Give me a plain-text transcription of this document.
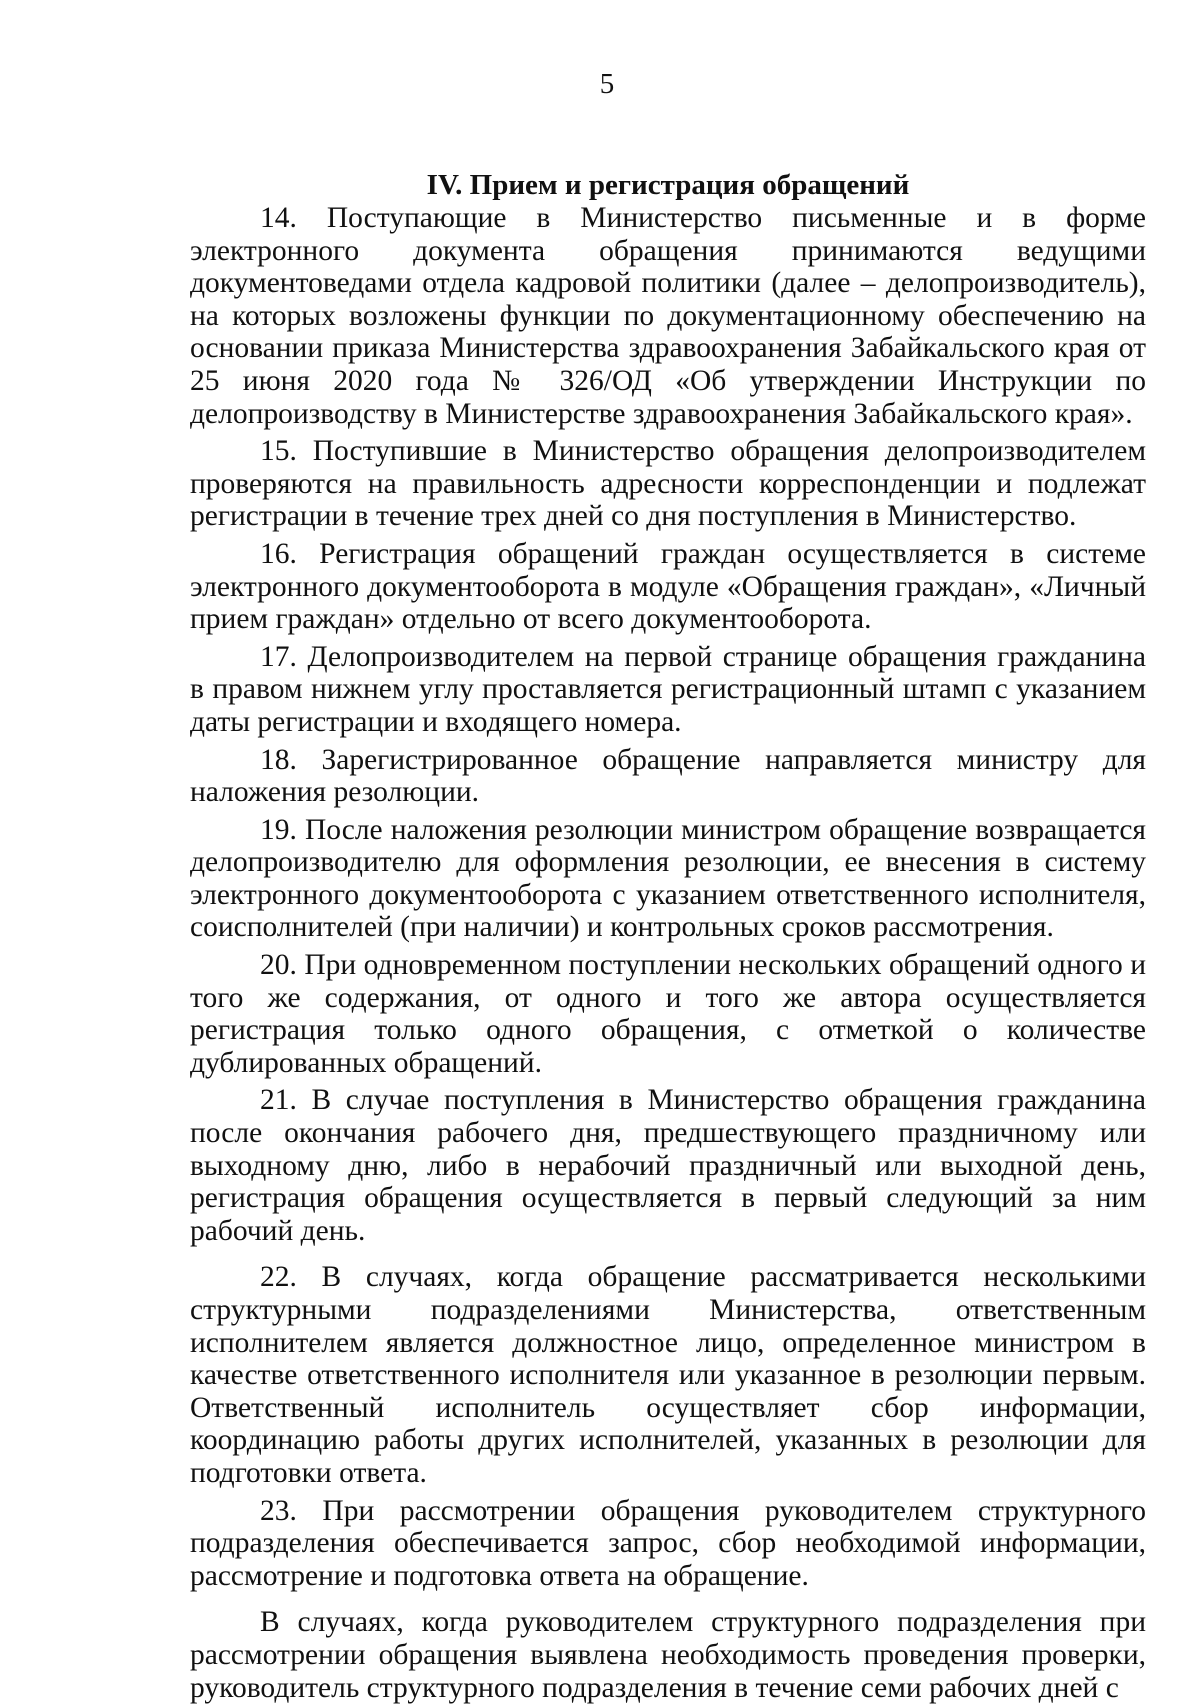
5
IV. Прием и регистрация обращений

14. Поступающие в Министерство письменные и в форме электронного документа обращения принимаются ведущими документоведами отдела кадровой политики (далее – делопроизводитель), на которых возложены функции по документационному обеспечению на основании приказа Министерства здравоохранения Забайкальского края от 25 июня 2020 года № 326/ОД «Об утверждении Инструкции по делопроизводству в Министерстве здравоохранения Забайкальского края».

15. Поступившие в Министерство обращения делопроизводителем проверяются на правильность адресности корреспонденции и подлежат регистрации в течение трех дней со дня поступления в Министерство.

16. Регистрация обращений граждан осуществляется в системе электронного документооборота в модуле «Обращения граждан», «Личный прием граждан» отдельно от всего документооборота.

17. Делопроизводителем на первой странице обращения гражданина в правом нижнем углу проставляется регистрационный штамп с указанием даты регистрации и входящего номера.

18. Зарегистрированное обращение направляется министру для наложения резолюции.

19. После наложения резолюции министром обращение возвращается делопроизводителю для оформления резолюции, ее внесения в систему электронного документооборота с указанием ответственного исполнителя, соисполнителей (при наличии) и контрольных сроков рассмотрения.

20. При одновременном поступлении нескольких обращений одного и того же содержания, от одного и того же автора осуществляется регистрация только одного обращения, с отметкой о количестве дублированных обращений.

21. В случае поступления в Министерство обращения гражданина после окончания рабочего дня, предшествующего праздничному или выходному дню, либо в нерабочий праздничный или выходной день, регистрация обращения осуществляется в первый следующий за ним рабочий день.

22. В случаях, когда обращение рассматривается несколькими структурными подразделениями Министерства, ответственным исполнителем является должностное лицо, определенное министром в качестве ответственного исполнителя или указанное в резолюции первым. Ответственный исполнитель осуществляет сбор информации, координацию работы других исполнителей, указанных в резолюции для подготовки ответа.

23. При рассмотрении обращения руководителем структурного подразделения обеспечивается запрос, сбор необходимой информации, рассмотрение и подготовка ответа на обращение.

В случаях, когда руководителем структурного подразделения при рассмотрении обращения выявлена необходимость проведения проверки, руководитель структурного подразделения в течение семи рабочих дней с
